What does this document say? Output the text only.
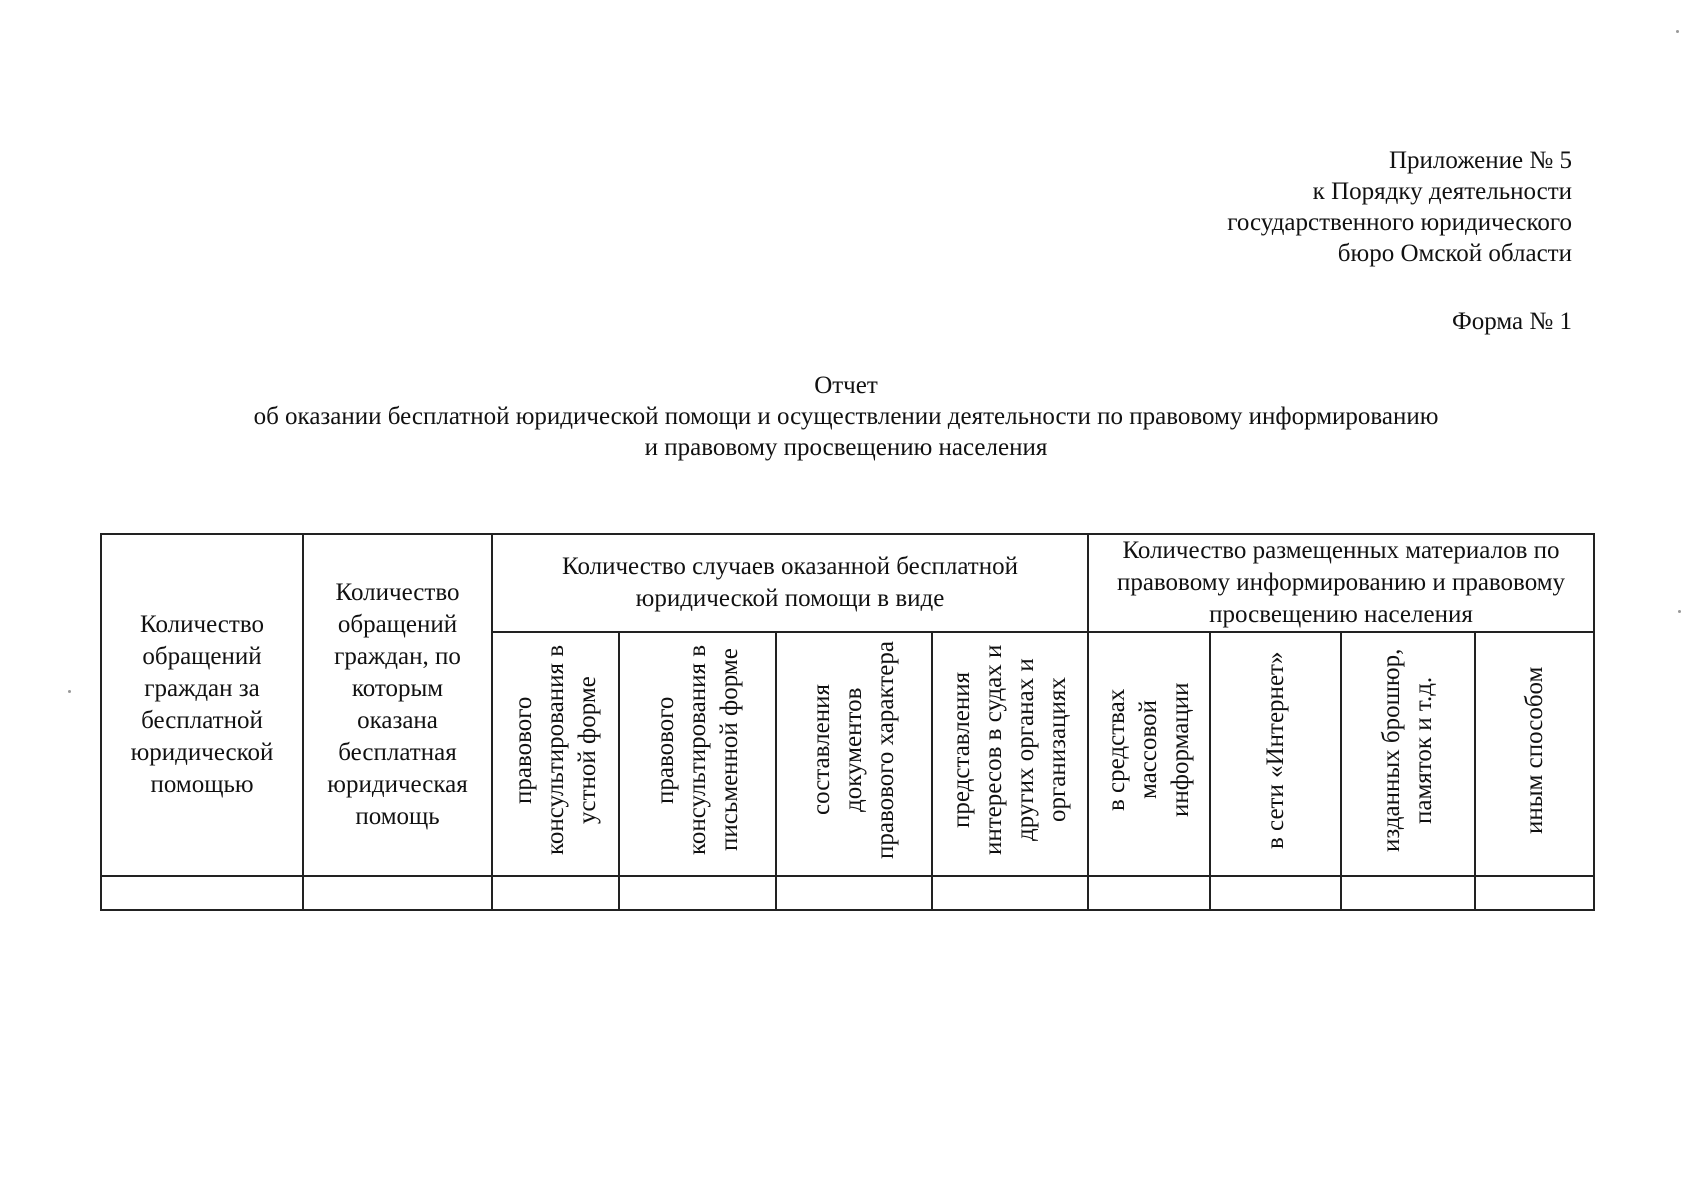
Приложение № 5
к Порядку деятельности
государственного юридического
бюро Омской области
Форма № 1
Отчет
об оказании бесплатной юридической помощи и осуществлении деятельности по правовому информированию
и правовому просвещению населения
Количество обращений граждан за бесплатной юридической помощью	Количество обращений граждан, по которым оказана бесплатная юридическая помощь	Количество случаев оказанной бесплатной юридической помощи в виде				Количество размещенных материалов по правовому информированию и правовому просвещению населения			
		правового консультирования в устной форме	правового консультирования в письменной форме	составления документов правового характера	представления интересов в судах и других органах и организациях	в средствах массовой информации	в сети «Интернет»	изданных брошюр, памяток и т.д.	иным способом
